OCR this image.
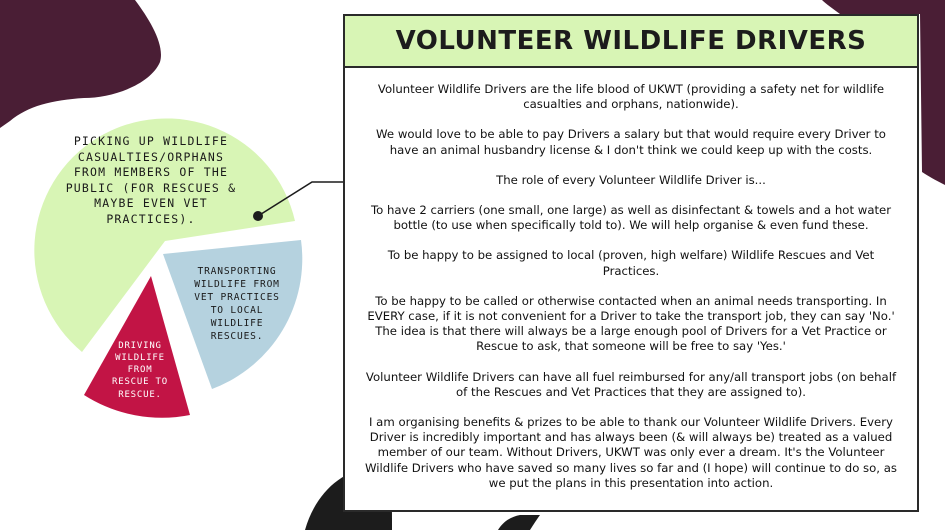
PICKING UP WILDLIFE CASUALTIES/ORPHANS FROM MEMBERS OF THE PUBLIC (FOR RESCUES & MAYBE EVEN VET PRACTICES).
TRANSPORTING WILDLIFE FROM VET PRACTICES TO LOCAL WILDLIFE RESCUES.
DRIVING WILDLIFE FROM RESCUE TO RESCUE.
VOLUNTEER WILDLIFE DRIVERS

Volunteer Wildlife Drivers are the life blood of UKWT (providing a safety net for wildlife casualties and orphans, nationwide).

We would love to be able to pay Drivers a salary but that would require every Driver to have an animal husbandry license & I don't think we could keep up with the costs.

The role of every Volunteer Wildlife Driver is...

To have 2 carriers (one small, one large) as well as disinfectant & towels and a hot water bottle (to use when specifically told to). We will help organise & even fund these.

To be happy to be assigned to local (proven, high welfare) Wildlife Rescues and Vet Practices.

To be happy to be called or otherwise contacted when an animal needs transporting. In EVERY case, if it is not convenient for a Driver to take the transport job, they can say 'No.' The idea is that there will always be a large enough pool of Drivers for a Vet Practice or Rescue to ask, that someone will be free to say 'Yes.'

Volunteer Wildlife Drivers can have all fuel reimbursed for any/all transport jobs (on behalf of the Rescues and Vet Practices that they are assigned to).

I am organising benefits & prizes to be able to thank our Volunteer Wildlife Drivers. Every Driver is incredibly important and has always been (& will always be) treated as a valued member of our team. Without Drivers, UKWT was only ever a dream. It's the Volunteer Wildlife Drivers who have saved so many lives so far and (I hope) will continue to do so, as we put the plans in this presentation into action.
